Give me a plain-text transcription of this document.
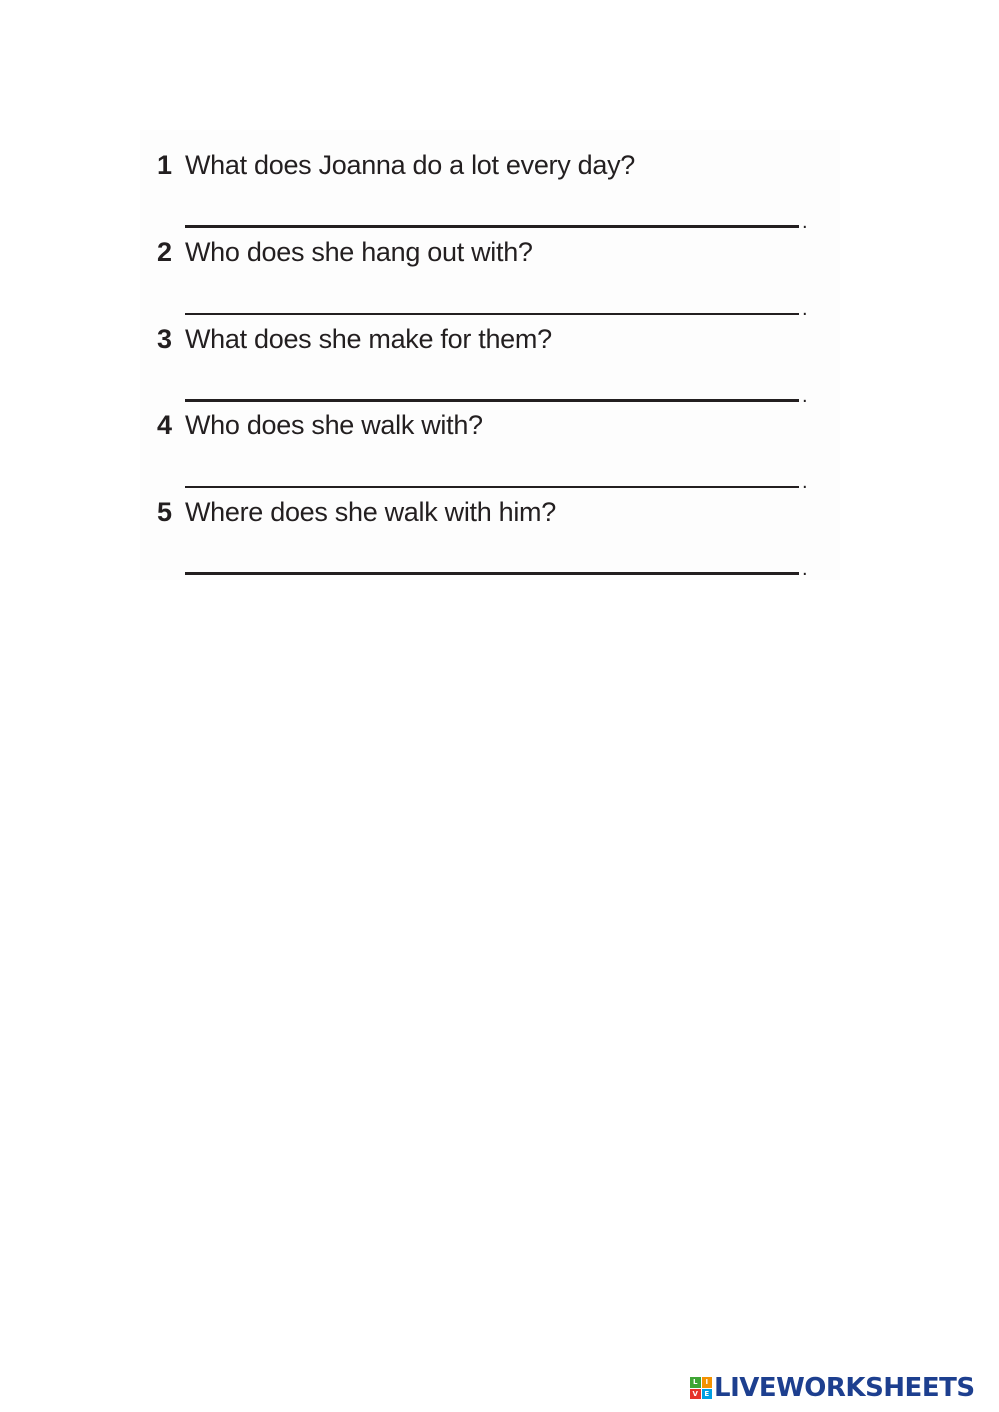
1 What does Joanna do a lot every day?
.
2 Who does she hang out with?
.
3 What does she make for them?
.
4 Who does she walk with?
.
5 Where does she walk with him?
.
L	I
V E LIVEWORKSHEETS
